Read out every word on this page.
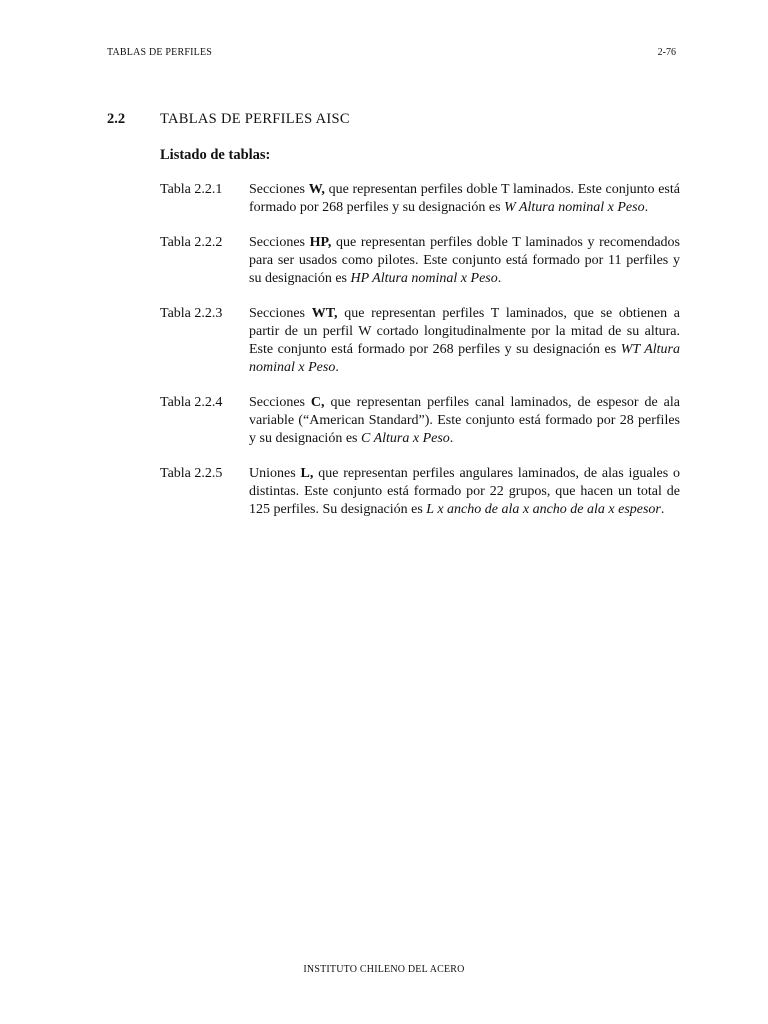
TABLAS DE PERFILES	2-76
2.2 TABLAS DE PERFILES AISC
Listado de tablas:
Tabla 2.2.1	Secciones W, que representan perfiles doble T laminados. Este conjunto está formado por 268 perfiles y su designación es W Altura nominal x Peso.
Tabla 2.2.2	Secciones HP, que representan perfiles doble T laminados y recomendados para ser usados como pilotes. Este conjunto está formado por 11 perfiles y su designación es HP Altura nominal x Peso.
Tabla 2.2.3	Secciones WT, que representan perfiles T laminados, que se obtienen a partir de un perfil W cortado longitudinalmente por la mitad de su altura. Este conjunto está formado por 268 perfiles y su designación es WT Altura nominal x Peso.
Tabla 2.2.4	Secciones C, que representan perfiles canal laminados, de espesor de ala variable (“American Standard”). Este conjunto está formado por 28 perfiles y su designación es C Altura x Peso.
Tabla 2.2.5	Uniones L, que representan perfiles angulares laminados, de alas iguales o distintas. Este conjunto está formado por 22 grupos, que hacen un total de 125 perfiles. Su designación es L x ancho de ala x ancho de ala x espesor.
INSTITUTO CHILENO DEL ACERO
